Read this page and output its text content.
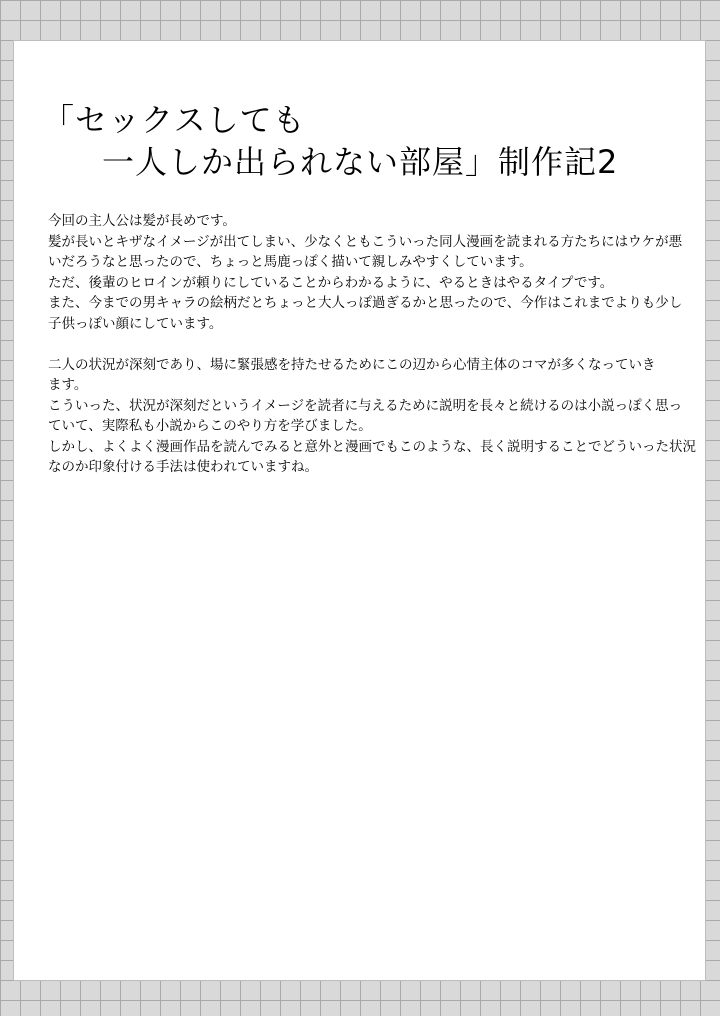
「セックスしても
一人しか出られない部屋」制作記2

今回の主人公は髪が長めです。
髪が長いとキザなイメージが出てしまい、少なくともこういった同人漫画を読まれる方たちにはウケが悪
いだろうなと思ったので、ちょっと馬鹿っぽく描いて親しみやすくしています。
ただ、後輩のヒロインが頼りにしていることからわかるように、やるときはやるタイプです。
また、今までの男キャラの絵柄だとちょっと大人っぽ過ぎるかと思ったので、今作はこれまでよりも少し
子供っぽい顔にしています。

二人の状況が深刻であり、場に緊張感を持たせるためにこの辺から心情主体のコマが多くなっていき
ます。
こういった、状況が深刻だというイメージを読者に与えるために説明を長々と続けるのは小説っぽく思っ
ていて、実際私も小説からこのやり方を学びました。
しかし、よくよく漫画作品を読んでみると意外と漫画でもこのような、長く説明することでどういった状況
なのか印象付ける手法は使われていますね。
